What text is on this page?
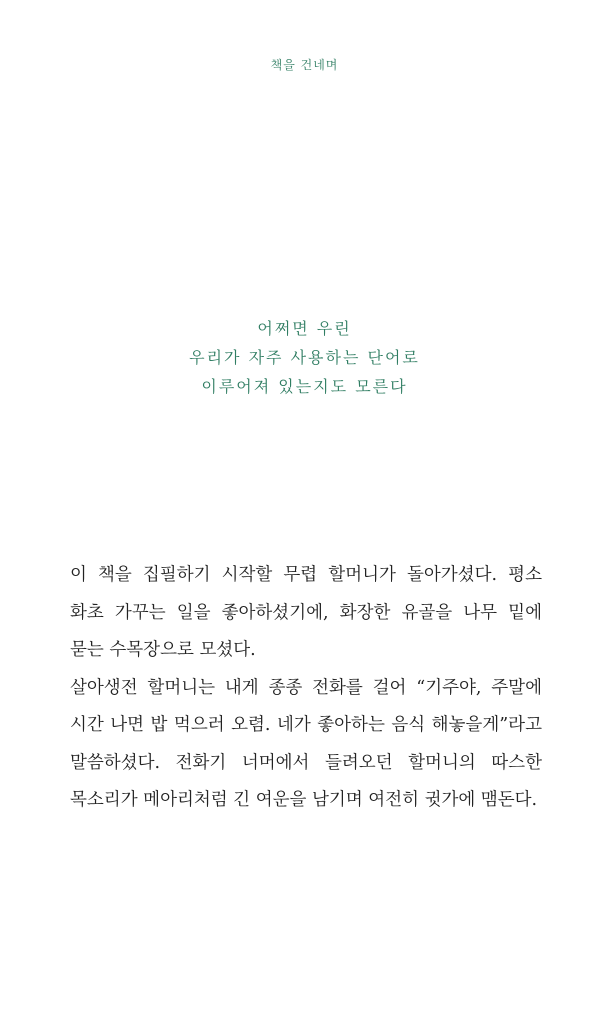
책을 건네며
어쩌면 우린
우리가 자주 사용하는 단어로
이루어져 있는지도 모른다

이 책을 집필하기 시작할 무렵 할머니가 돌아가셨다. 평소 화초 가꾸는 일을 좋아하셨기에, 화장한 유골을 나무 밑에 묻는 수목장으로 모셨다.

살아생전 할머니는 내게 종종 전화를 걸어 “기주야, 주말에 시간 나면 밥 먹으러 오렴. 네가 좋아하는 음식 해놓을게”라고 말씀하셨다. 전화기 너머에서 들려오던 할머니의 따스한 목소리가 메아리처럼 긴 여운을 남기며 여전히 귓가에 맴돈다.
